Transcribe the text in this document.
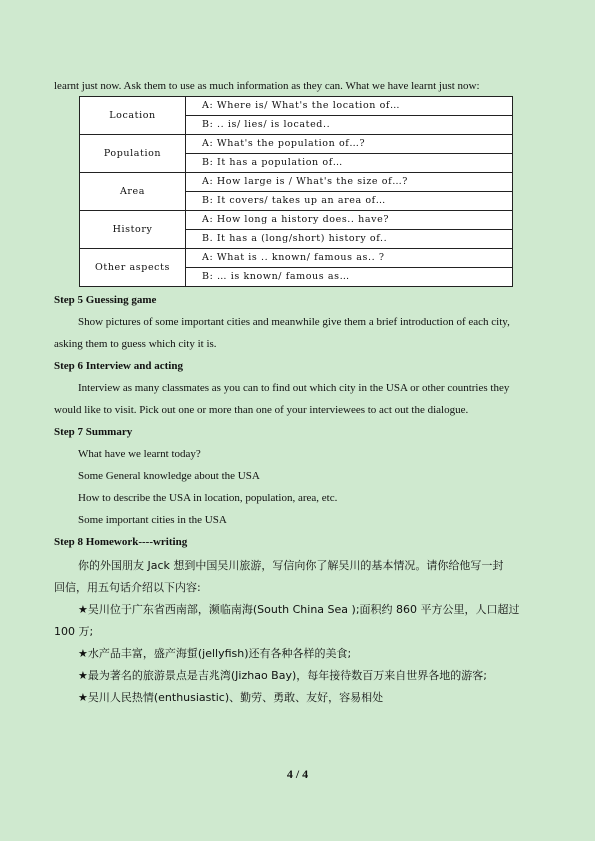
learnt just now. Ask them to use as much information as they can. What we have learnt just now:
Location	A: Where is/ What's the location of…
B: .. is/ lies/ is located..

Population	A: What's the population of…?
B: It has a population of…

Area	A: How large is / What's the size of…?
B: It covers/ takes up an area of…

History	A: How long a history does.. have?
B. It has a (long/short) history of..

Other aspects	A: What is .. known/ famous as.. ?
B: … is known/ famous as…
Step 5 Guessing game
Show pictures of some important cities and meanwhile give them a brief introduction of each city,
asking them to guess which city it is.
Step 6 Interview and acting
Interview as many classmates as you can to find out which city in the USA or other countries they
would like to visit. Pick out one or more than one of your interviewees to act out the dialogue.
Step 7 Summary
What have we learnt today?
Some General knowledge about the USA
How to describe the USA in location, population, area, etc.
Some important cities in the USA
Step 8 Homework----writing
你的外国朋友 Jack 想到中国吴川旅游，写信向你了解吴川的基本情况。请你给他写一封
回信，用五句话介绍以下内容:
★吴川位于广东省西南部，濒临南海(South China Sea );面积约 860 平方公里，人口超过
100 万;
★水产品丰富，盛产海蜇(jellyfish)还有各种各样的美食;
★最为著名的旅游景点是吉兆湾(Jizhao Bay)，每年接待数百万来自世界各地的游客;
★吴川人民热情(enthusiastic)、勤劳、勇敢、友好，容易相处
4 / 4
